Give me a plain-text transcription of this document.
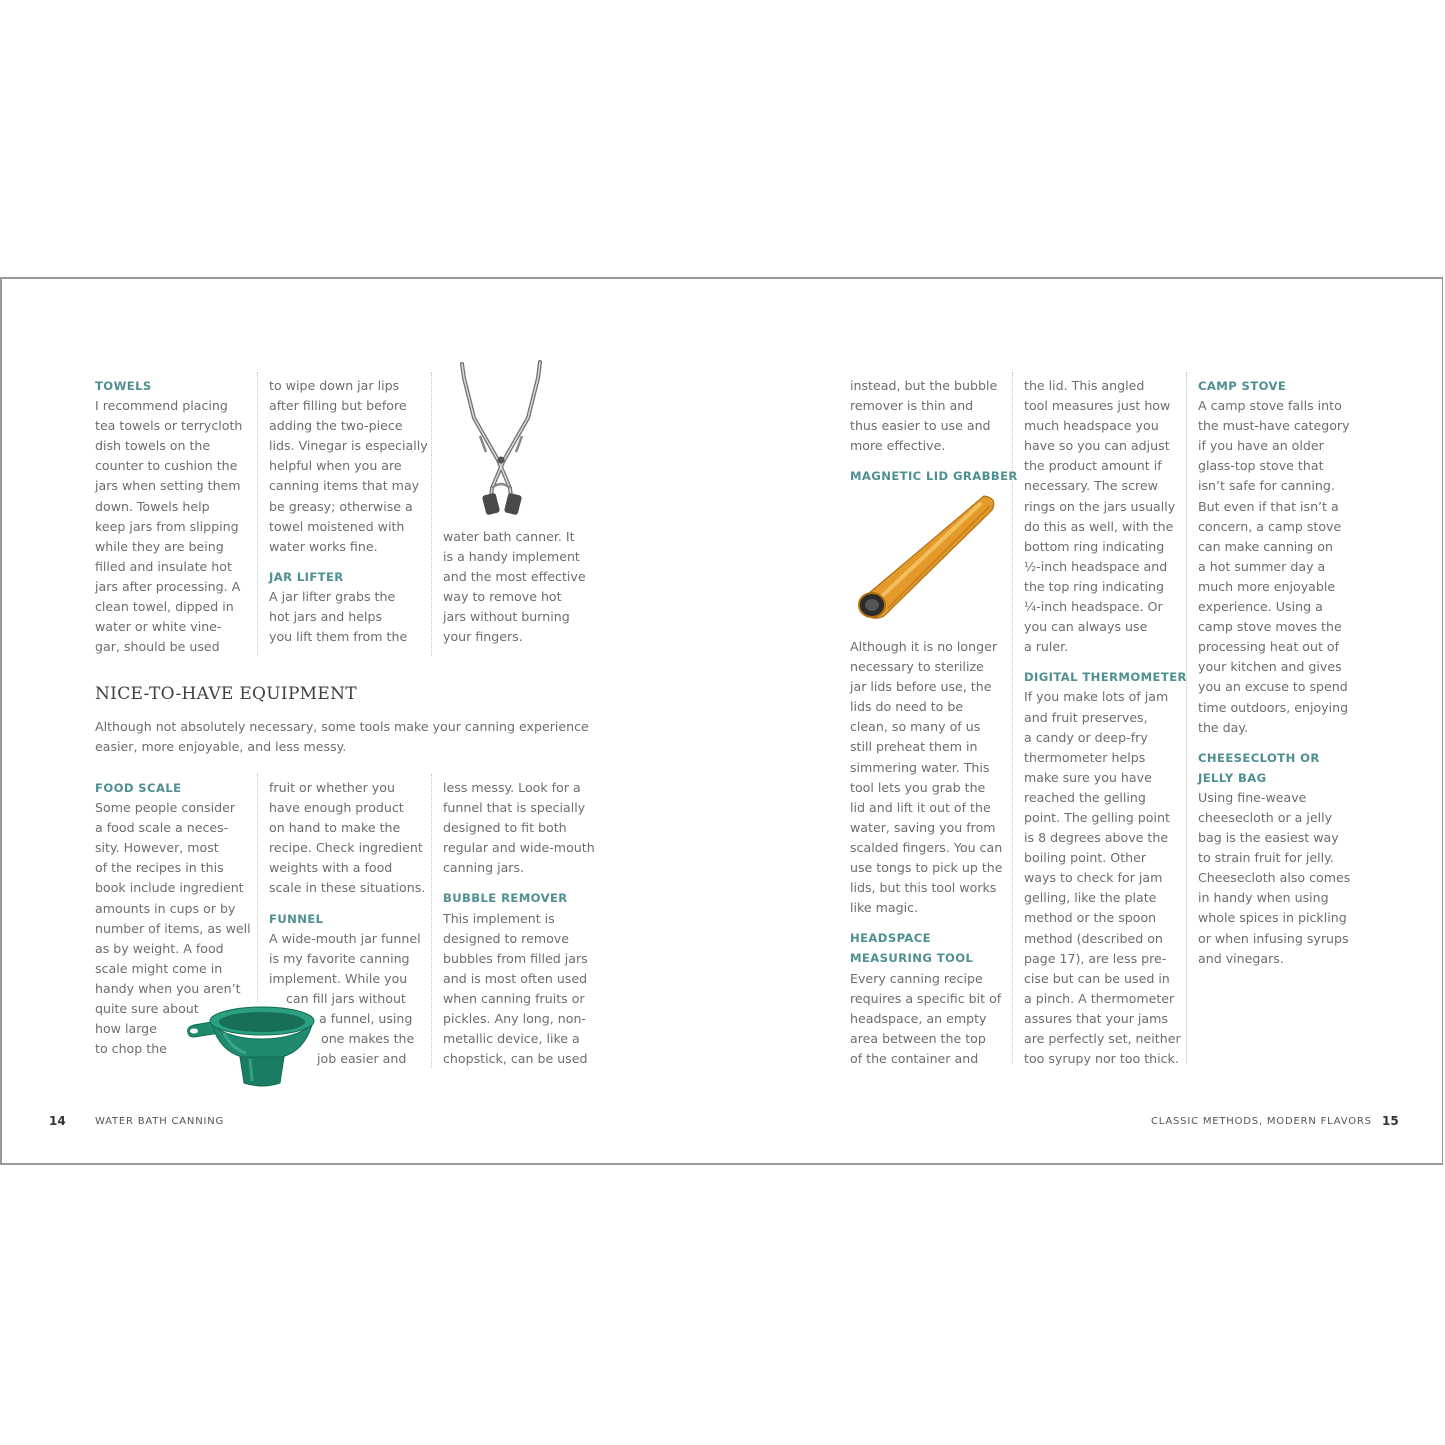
TOWELS
I recommend placing
tea towels or terrycloth
dish towels on the
counter to cushion the
jars when setting them
down. Towels help
keep jars from slipping
while they are being
filled and insulate hot
jars after processing. A
clean towel, dipped in
water or white vine-
gar, should be used
to wipe down jar lips
after filling but before
adding the two-piece
lids. Vinegar is especially
helpful when you are
canning items that may
be greasy; otherwise a
towel moistened with
water works fine.
JAR LIFTER
A jar lifter grabs the
hot jars and helps
you lift them from the
water bath canner. It
is a handy implement
and the most effective
way to remove hot
jars without burning
your fingers.
NICE-TO-HAVE EQUIPMENT
Although not absolutely necessary, some tools make your canning experience
easier, more enjoyable, and less messy.
FOOD SCALE
Some people consider
a food scale a neces-
sity. However, most
of the recipes in this
book include ingredient
amounts in cups or by
number of items, as well
as by weight. A food
scale might come in
handy when you aren’t
quite sure about
how large
to chop the
fruit or whether you
have enough product
on hand to make the
recipe. Check ingredient
weights with a food
scale in these situations.
FUNNEL
A wide-mouth jar funnel
is my favorite canning
implement. While you
can fill jars without
a funnel, using
one makes the
job easier and
less messy. Look for a
funnel that is specially
designed to fit both
regular and wide-mouth
canning jars.
BUBBLE REMOVER
This implement is
designed to remove
bubbles from filled jars
and is most often used
when canning fruits or
pickles. Any long, non-
metallic device, like a
chopstick, can be used
14	WATER BATH CANNING
instead, but the bubble
remover is thin and
thus easier to use and
more effective.
MAGNETIC LID GRABBER
Although it is no longer
necessary to sterilize
jar lids before use, the
lids do need to be
clean, so many of us
still preheat them in
simmering water. This
tool lets you grab the
lid and lift it out of the
water, saving you from
scalded fingers. You can
use tongs to pick up the
lids, but this tool works
like magic.
HEADSPACE
MEASURING TOOL
Every canning recipe
requires a specific bit of
headspace, an empty
area between the top
of the container and
the lid. This angled
tool measures just how
much headspace you
have so you can adjust
the product amount if
necessary. The screw
rings on the jars usually
do this as well, with the
bottom ring indicating
½-inch headspace and
the top ring indicating
¼-inch headspace. Or
you can always use
a ruler.
DIGITAL THERMOMETER
If you make lots of jam
and fruit preserves,
a candy or deep-fry
thermometer helps
make sure you have
reached the gelling
point. The gelling point
is 8 degrees above the
boiling point. Other
ways to check for jam
gelling, like the plate
method or the spoon
method (described on
page 17), are less pre-
cise but can be used in
a pinch. A thermometer
assures that your jams
are perfectly set, neither
too syrupy nor too thick.
CAMP STOVE
A camp stove falls into
the must-have category
if you have an older
glass-top stove that
isn’t safe for canning.
But even if that isn’t a
concern, a camp stove
can make canning on
a hot summer day a
much more enjoyable
experience. Using a
camp stove moves the
processing heat out of
your kitchen and gives
you an excuse to spend
time outdoors, enjoying
the day.
CHEESECLOTH OR
JELLY BAG
Using fine-weave
cheesecloth or a jelly
bag is the easiest way
to strain fruit for jelly.
Cheesecloth also comes
in handy when using
whole spices in pickling
or when infusing syrups
and vinegars.
CLASSIC METHODS, MODERN FLAVORS 15
